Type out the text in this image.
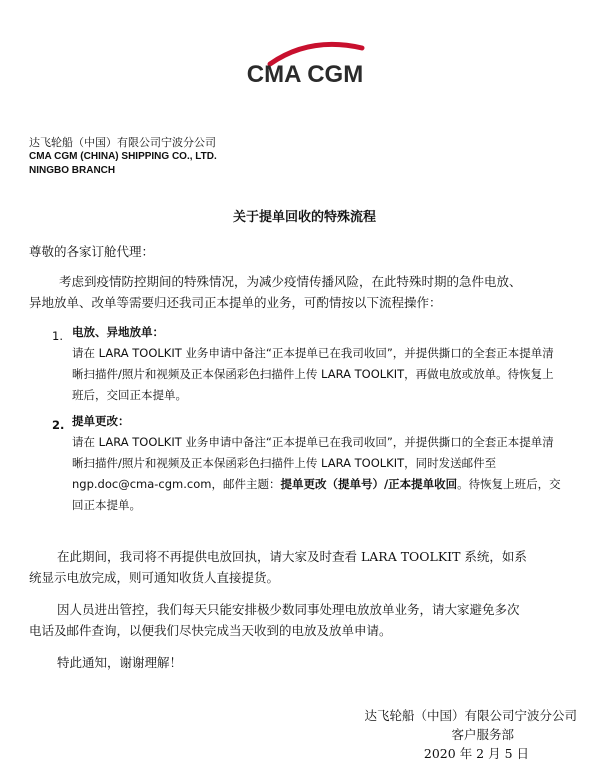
CMA CGM
达飞轮船（中国）有限公司宁波分公司
CMA CGM (CHINA) SHIPPING CO., LTD.
NINGBO BRANCH
关于提单回收的特殊流程
尊敬的各家订舱代理：
考虑到疫情防控期间的特殊情况，为减少疫情传播风险，在此特殊时期的急件电放、
异地放单、改单等需要归还我司正本提单的业务，可酌情按以下流程操作：
1. 电放、异地放单：
请在 LARA TOOLKIT 业务申请中备注“正本提单已在我司收回”，并提供撕口的全套正本提单清
晰扫描件/照片和视频及正本保函彩色扫描件上传 LARA TOOLKIT，再做电放或放单。待恢复上
班后，交回正本提单。
2. 提单更改：
请在 LARA TOOLKIT 业务申请中备注“正本提单已在我司收回”，并提供撕口的全套正本提单清
晰扫描件/照片和视频及正本保函彩色扫描件上传 LARA TOOLKIT，同时发送邮件至
ngp.doc@cma-cgm.com，邮件主题：提单更改（提单号）/正本提单收回。待恢复上班后，交
回正本提单。
在此期间，我司将不再提供电放回执，请大家及时查看 LARA TOOLKIT 系统，如系
统显示电放完成，则可通知收货人直接提货。
因人员进出管控，我们每天只能安排极少数同事处理电放放单业务，请大家避免多次
电话及邮件查询，以便我们尽快完成当天收到的电放及放单申请。
特此通知，谢谢理解！
达飞轮船（中国）有限公司宁波分公司
客户服务部
2020 年 2 月 5 日
